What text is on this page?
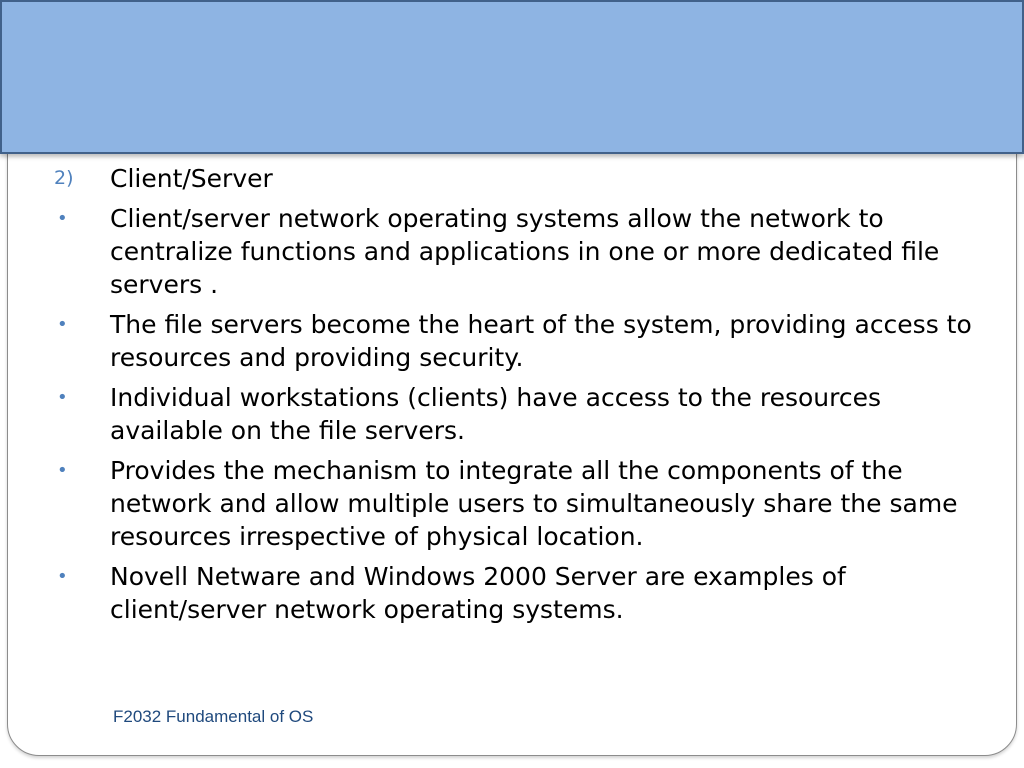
2)	Client/Server
•	Client/server network operating systems allow the network to centralize functions and applications in one or more dedicated file servers .
•	The file servers become the heart of the system, providing access to resources and providing security.
•	Individual workstations (clients) have access to the resources available on the file servers.
•	Provides the mechanism to integrate all the components of the network and allow multiple users to simultaneously share the same resources irrespective of physical location.
•	Novell Netware and Windows 2000 Server are examples of client/server network operating systems.
F2032 Fundamental of OS
